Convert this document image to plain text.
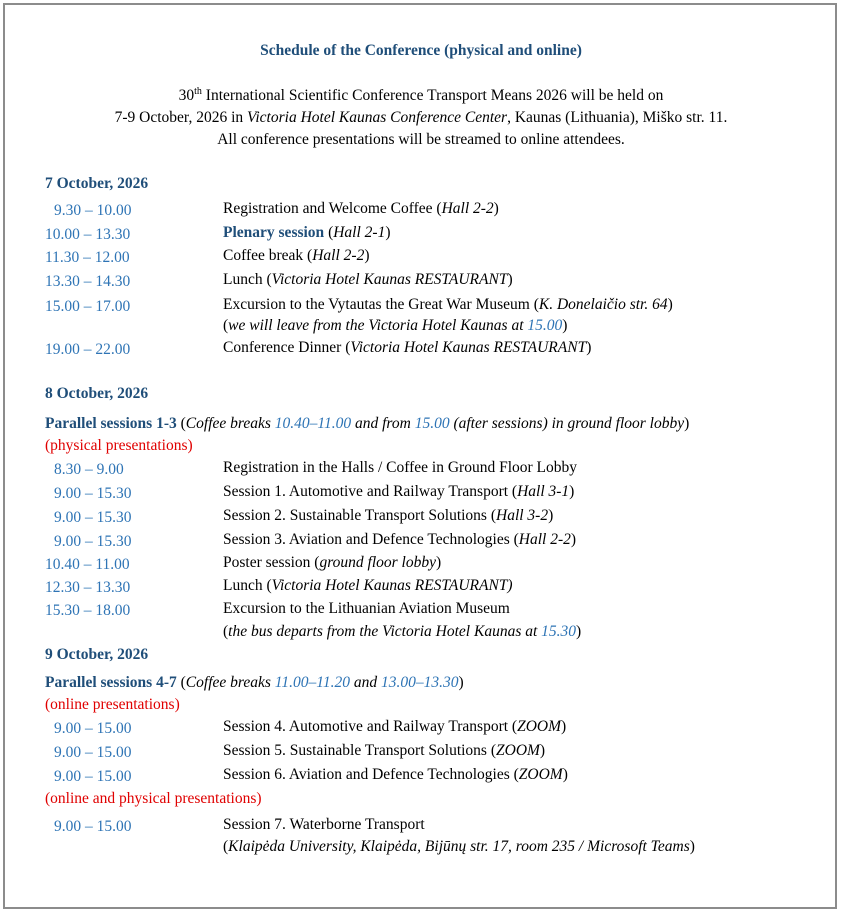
Schedule of the Conference (physical and online)
30th International Scientific Conference Transport Means 2026 will be held on
7-9 October, 2026 in Victoria Hotel Kaunas Conference Center, Kaunas (Lithuania), Miško str. 11.
All conference presentations will be streamed to online attendees.
7 October, 2026
9.30 – 10.00	Registration and Welcome Coffee (Hall 2-2)
10.00 – 13.30	Plenary session (Hall 2-1)
11.30 – 12.00	Coffee break (Hall 2-2)
13.30 – 14.30	Lunch (Victoria Hotel Kaunas RESTAURANT)
15.00 – 17.00	Excursion to the Vytautas the Great War Museum (K. Donelaičio str. 64)
(we will leave from the Victoria Hotel Kaunas at 15.00)
19.00 – 22.00	Conference Dinner (Victoria Hotel Kaunas RESTAURANT)
8 October, 2026
Parallel sessions 1-3 (Coffee breaks 10.40–11.00 and from 15.00 (after sessions) in ground floor lobby)
(physical presentations)
8.30 – 9.00	Registration in the Halls / Coffee in Ground Floor Lobby
9.00 – 15.30	Session 1. Automotive and Railway Transport (Hall 3-1)
9.00 – 15.30	Session 2. Sustainable Transport Solutions (Hall 3-2)
9.00 – 15.30	Session 3. Aviation and Defence Technologies (Hall 2-2)
10.40 – 11.00	Poster session (ground floor lobby)
12.30 – 13.30	Lunch (Victoria Hotel Kaunas RESTAURANT)
15.30 – 18.00	Excursion to the Lithuanian Aviation Museum
(the bus departs from the Victoria Hotel Kaunas at 15.30)
9 October, 2026
Parallel sessions 4-7 (Coffee breaks 11.00–11.20 and 13.00–13.30)
(online presentations)
9.00 – 15.00	Session 4. Automotive and Railway Transport (ZOOM)
9.00 – 15.00	Session 5. Sustainable Transport Solutions (ZOOM)
9.00 – 15.00	Session 6. Aviation and Defence Technologies (ZOOM)
(online and physical presentations)
9.00 – 15.00	Session 7. Waterborne Transport
(Klaipėda University, Klaipėda, Bijūnų str. 17, room 235 / Microsoft Teams)
